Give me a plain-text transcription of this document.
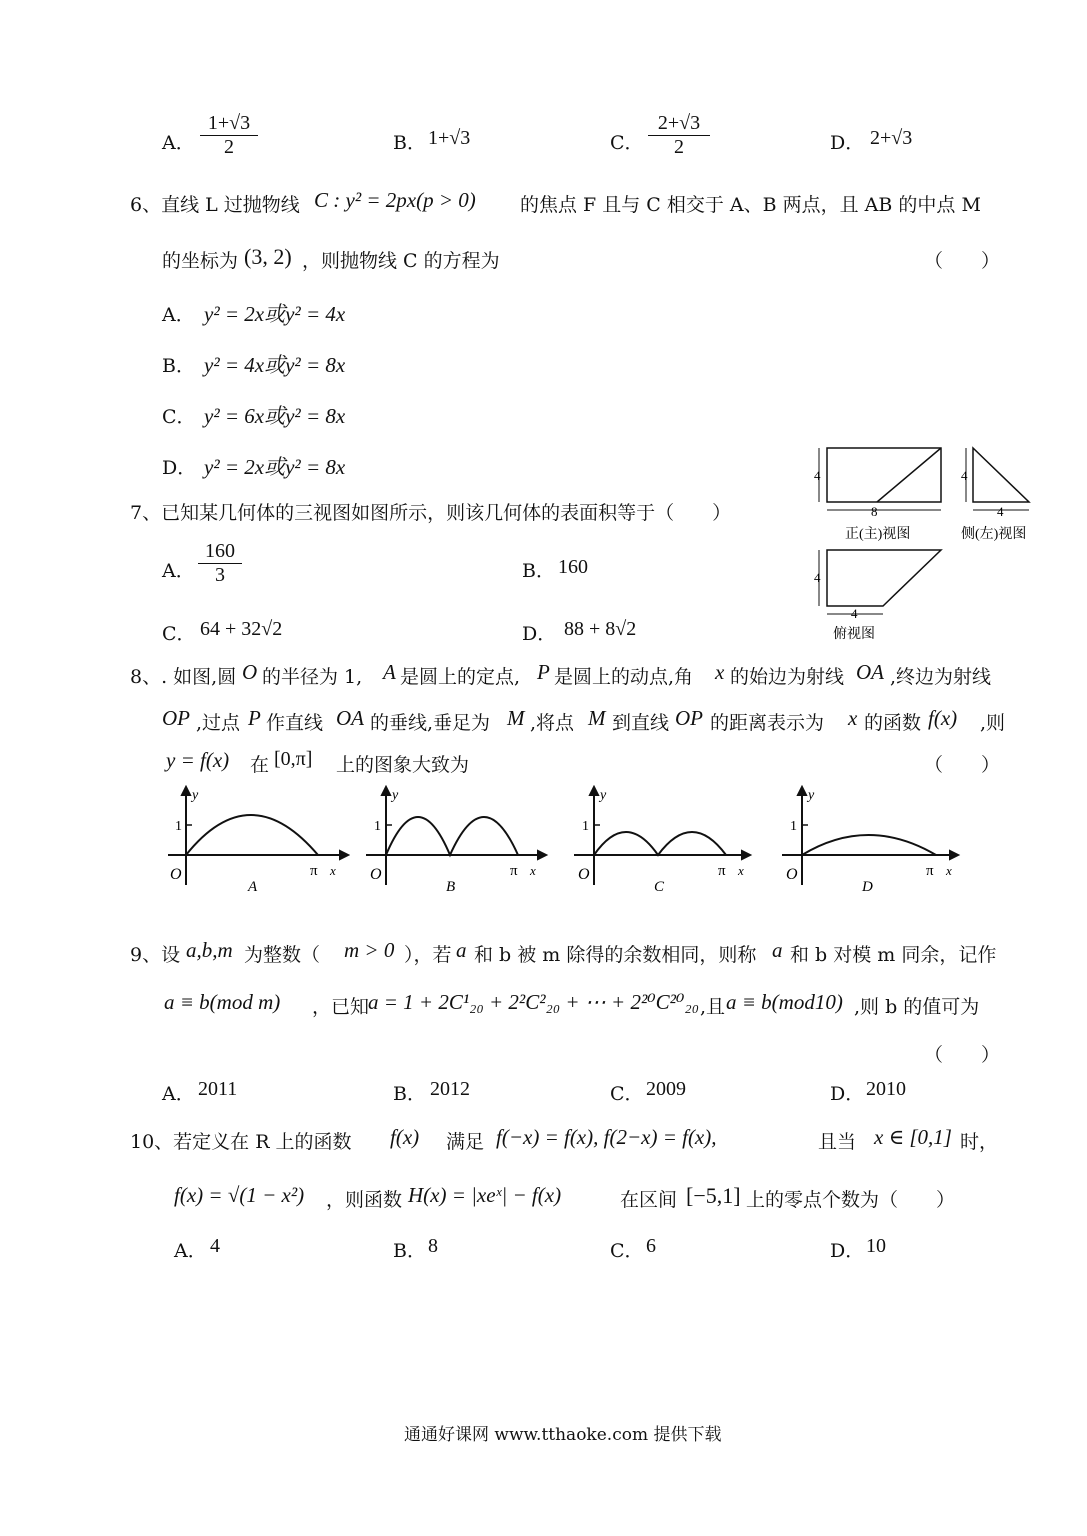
A． $\frac{1+√3}{2}$	B． 1+√3	C． $\frac{2+√3}{2}$	D． 2+√3
6、直线 L 过抛物线 C : y² = 2px(p > 0) 的焦点 F 且与 C 相交于 A、B 两点，且 AB 的中点 M
的坐标为 (3, 2) ，则抛物线 C 的方程为	（　　）
A． y² = 2x或y² = 4x
B． y² = 4x或y² = 8x
C． y² = 6x或y² = 8x
D． y² = 2x或y² = 8x
7、已知某几何体的三视图如图所示，则该几何体的表面积等于（　　）
A． $\frac{160}{3}$	B． 160
C． 64 + 32√2	D． 88 + 8√2
4
8
4
4
4
4
正(主)视图	侧(左)视图
俯视图
8、. 如图,圆 O 的半径为 1, A 是圆上的定点, P 是圆上的动点,角 x 的始边为射线 OA ,终边为射线
OP ,过点 P 作直线 OA 的垂线,垂足为 M ,将点 M 到直线 OP 的距离表示为 x 的函数 f(x) ,则
y = f(x) 在 [0,π] 上的图象大致为	（　　）
y
1
O	π x
A
y
1
O	π x
B
y
1
O	π x
C
y
1
O	π x
D
9、设 a,b,m 为整数（ m > 0 ），若 a 和 b 被 m 除得的余数相同，则称 a 和 b 对模 m 同余，记作
a ≡ b(mod m) ，已知
a = 1 + 2C¹₂₀ + 2²C²₂₀ + ⋯ + 2²⁰C²⁰₂₀ ,且 a ≡ b(mod10) ,则 b 的值可为
（　　）
A． 2011	B． 2012	C． 2009	D． 2010
10、若定义在 R 上的函数 f(x) 满足 f(−x) = f(x), f(2−x) = f(x),	且当 x ∈ [0,1] 时，
f(x) = √(1 − x²) ，则函数 H(x) = |xeˣ| − f(x)	在区间 [−5,1] 上的零点个数为（　　）
A． 4	B． 8	C． 6	D． 10
通通好课网 www.tthaoke.com 提供下载
